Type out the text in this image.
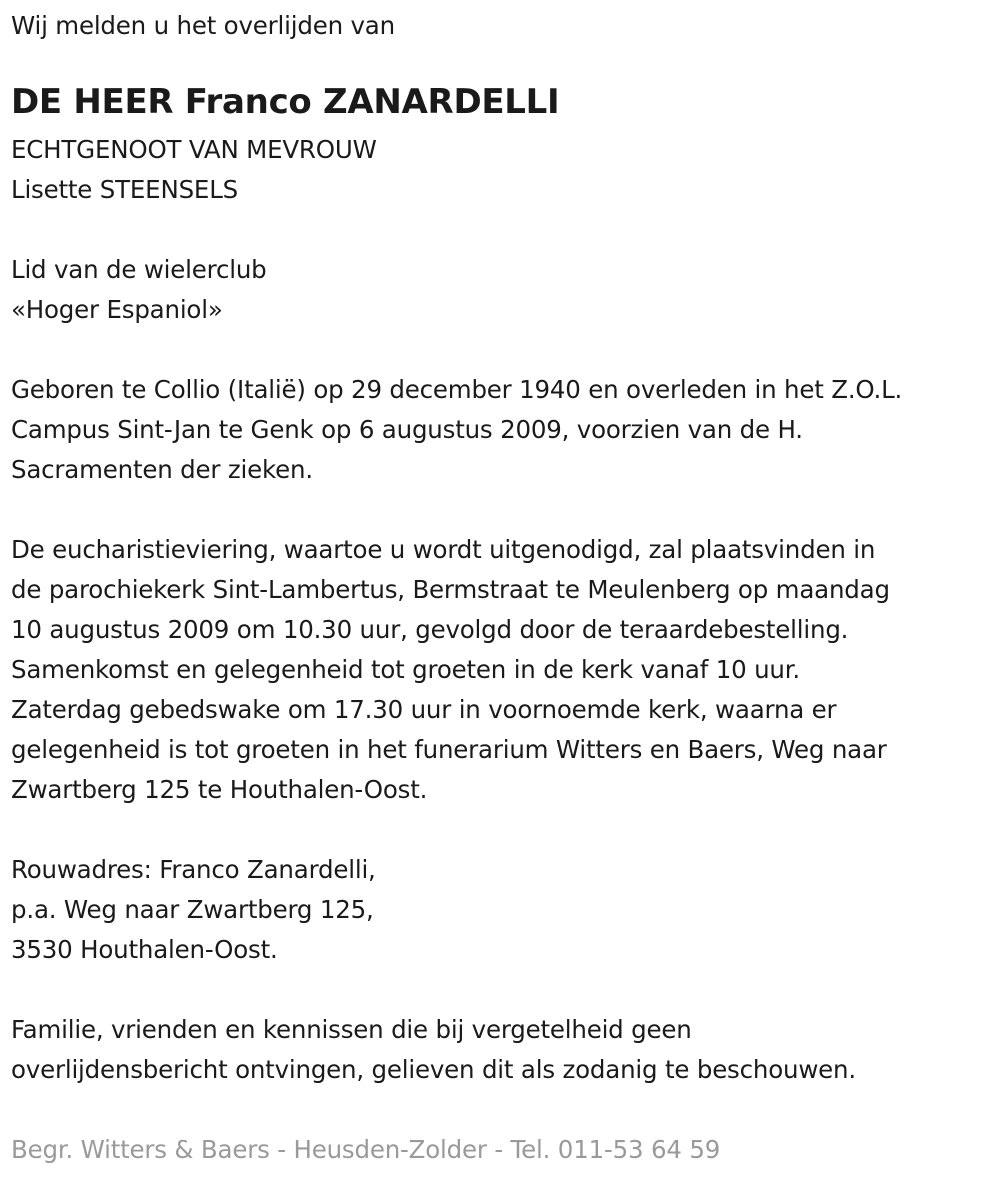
Wij melden u het overlijden van
DE HEER Franco ZANARDELLI
ECHTGENOOT VAN MEVROUW
Lisette STEENSELS
Lid van de wielerclub
«Hoger Espaniol»
Geboren te Collio (Italië) op 29 december 1940 en overleden in het Z.O.L.
Campus Sint-Jan te Genk op 6 augustus 2009, voorzien van de H.
Sacramenten der zieken.
De eucharistieviering, waartoe u wordt uitgenodigd, zal plaatsvinden in
de parochiekerk Sint-Lambertus, Bermstraat te Meulenberg op maandag
10 augustus 2009 om 10.30 uur, gevolgd door de teraardebestelling.
Samenkomst en gelegenheid tot groeten in de kerk vanaf 10 uur.
Zaterdag gebedswake om 17.30 uur in voornoemde kerk, waarna er
gelegenheid is tot groeten in het funerarium Witters en Baers, Weg naar
Zwartberg 125 te Houthalen-Oost.
Rouwadres: Franco Zanardelli,
p.a. Weg naar Zwartberg 125,
3530 Houthalen-Oost.
Familie, vrienden en kennissen die bij vergetelheid geen
overlijdensbericht ontvingen, gelieven dit als zodanig te beschouwen.
Begr. Witters & Baers - Heusden-Zolder - Tel. 011-53 64 59
